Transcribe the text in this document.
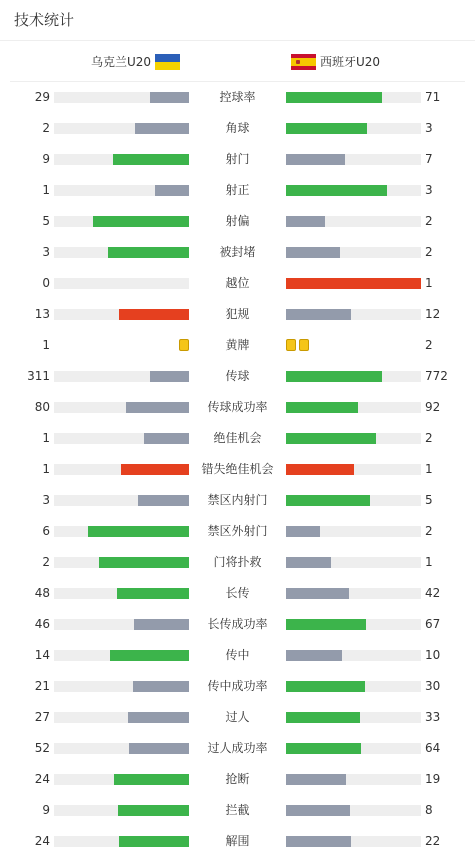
技术统计
乌克兰U20	西班牙U20
29	控球率	71
2	角球	3
9	射门	7
1	射正	3
5	射偏	2
3	被封堵	2
0	越位	1
13	犯规	12
1	黄牌	2
311	传球	772
80	传球成功率	92
1	绝佳机会	2
1	错失绝佳机会	1
3	禁区内射门	5
6	禁区外射门	2
2	门将扑救	1
48	长传	42
46	长传成功率	67
14	传中	10
21	传中成功率	30
27	过人	33
52	过人成功率	64
24	抢断	19
9	拦截	8
24	解围	22
